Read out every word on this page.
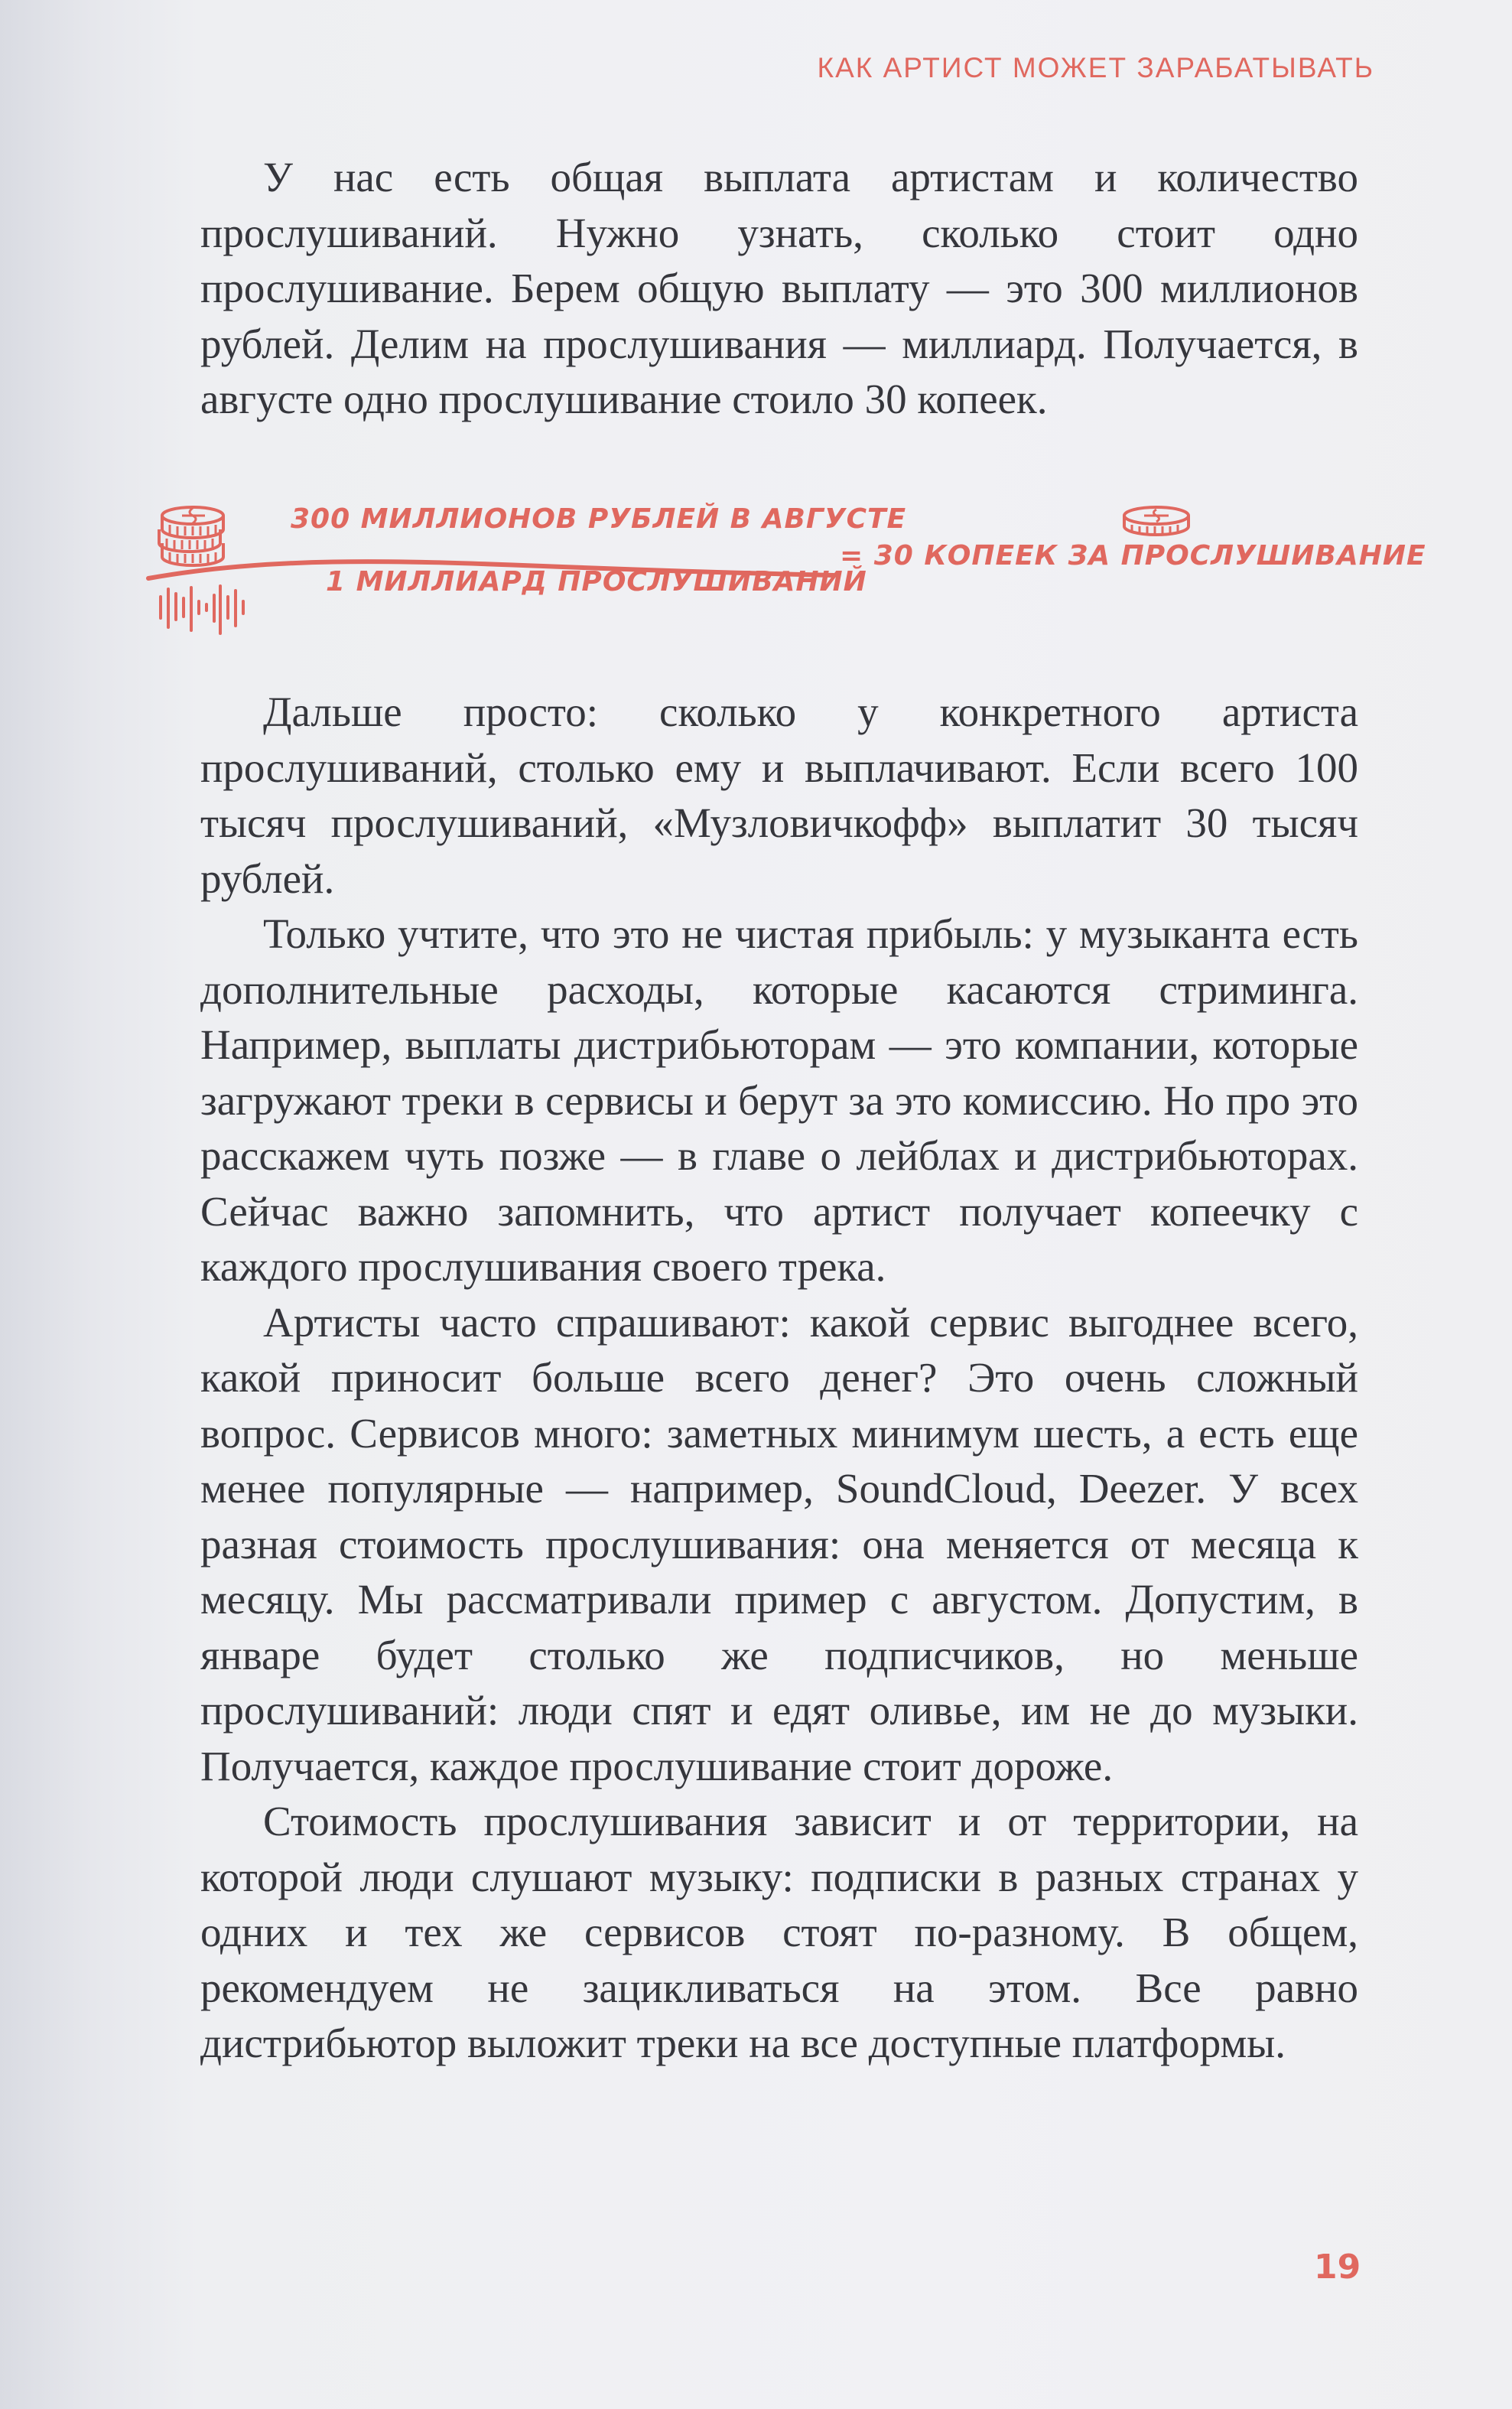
КАК АРТИСТ МОЖЕТ ЗАРАБАТЫВАТЬ

У нас есть общая выплата артистам и количество прослушиваний. Нужно узнать, сколько стоит одно прослушивание. Берем общую выплату — это 300 миллионов рублей. Делим на прослушивания — миллиард. Получается, в августе одно прослушивание стоило 30 копеек.

300 МИЛЛИОНОВ РУБЛЕЙ В АВГУСТЕ
1 МИЛЛИАРД ПРОСЛУШИВАНИЙ
= 30 КОПЕЕК ЗА ПРОСЛУШИВАНИЕ

Дальше просто: сколько у конкретного артиста прослушиваний, столько ему и выплачивают. Если всего 100 тысяч прослушиваний, «Музловичкофф» выплатит 30 тысяч рублей.

Только учтите, что это не чистая прибыль: у музыканта есть дополнительные расходы, которые касаются стриминга. Например, выплаты дистрибьюторам — это компании, которые загружают треки в сервисы и берут за это комиссию. Но про это расскажем чуть позже — в главе о лейблах и дистрибьюторах. Сейчас важно запомнить, что артист получает копеечку с каждого прослушивания своего трека.

Артисты часто спрашивают: какой сервис выгоднее всего, какой приносит больше всего денег? Это очень сложный вопрос. Сервисов много: заметных минимум шесть, а есть еще менее популярные — например, SoundCloud, Deezer. У всех разная стоимость прослушивания: она меняется от месяца к месяцу. Мы рассматривали пример с августом. Допустим, в январе будет столько же подписчиков, но меньше прослушиваний: люди спят и едят оливье, им не до музыки. Получается, каждое прослушивание стоит дороже.

Стоимость прослушивания зависит и от территории, на которой люди слушают музыку: подписки в разных странах у одних и тех же сервисов стоят по-разному. В общем, рекомендуем не зацикливаться на этом. Все равно дистрибьютор выложит треки на все доступные платформы.

19
